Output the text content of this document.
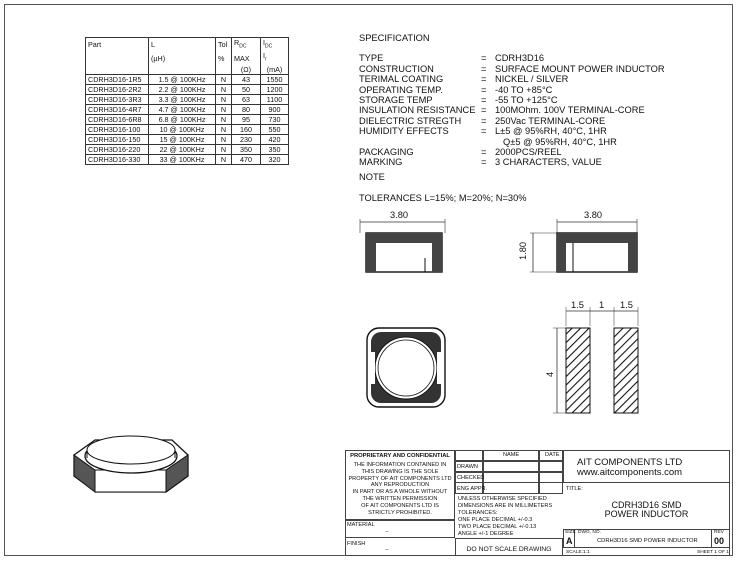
Part	L	Tol	$R_{DC}$	$I_{DC}$
	(µH)	%	MAX	$I_r$
			(Ω)	(mA)
CDRH3D16-1R5	1.5 @ 100KHz	N	43	1550
CDRH3D16-2R2	2.2 @ 100KHz	N	50	1200
CDRH3D16-3R3	3.3 @ 100KHz	N	63	1100
CDRH3D16-4R7	4.7 @ 100KHz	N	80	900
CDRH3D16-6R8	6.8 @ 100KHz	N	95	730
CDRH3D16-100	10 @ 100KHz	N	160	550
CDRH3D16-150	15 @ 100KHz	N	230	420
CDRH3D16-220	22 @ 100KHz	N	350	350
CDRH3D16-330	33 @ 100KHz	N	470	320
SPECIFICATION
TYPE	= CDRH3D16
CONSTRUCTION	= SURFACE MOUNT POWER INDUCTOR
TERIMAL COATING	= NICKEL / SILVER
OPERATING TEMP.	= -40 TO +85°C
STORAGE TEMP	= -55 TO +125°C
INSULATION RESISTANCE = 100MOhm. 100V TERMINAL-CORE
DIELECTRIC STREGTH	= 250Vac TERMINAL-CORE
HUMIDITY EFFECTS	= L±5 @ 95%RH, 40°C, 1HR
Q±5 @ 95%RH, 40°C, 1HR
PACKAGING	= 2000PCS/REEL
MARKING	= 3 CHARACTERS, VALUE
NOTE
TOLERANCES L=15%; M=20%; N=30%
3.80	3.80
1.80
1.5 1 1.5
4
PROPRIETARY AND CONFIDENTIAL
THE INFORMATION CONTAINED IN
THIS DRAWING IS THE SOLE
PROPERTY OF AIT COMPONENTS LTD
ANY REPRODUCTION
IN PART OR AS A WHOLE WITHOUT
THE WRITTEN PERMISSION
OF AIT COMPONENTS LTD IS
STRICTLY PROHIBITED.
MATERIAL
--
FINISH
--
NAME	DATE
DRAWN
CHECKED
ENG APPR.
UNLESS OTHERWISE SPECIFIED
DIMENSIONS ARE IN MILLIMETERS
TOLERANCES:
ONE PLACE DECIMAL +/-0.3
TWO PLACE DECIMAL +/-0.13
ANGLE +/-1 DEGREE
DO NOT SCALE DRAWING
AIT COMPONENTS LTD
www.aitcomponents.com
TITLE:
CDRH3D16 SMD
POWER INDUCTOR
SIZE
A
DWG. NO.
CDRH3D16 SMD POWER INDUCTOR
REV
00
SCALE:1:1	SHEET 1 OF 1
